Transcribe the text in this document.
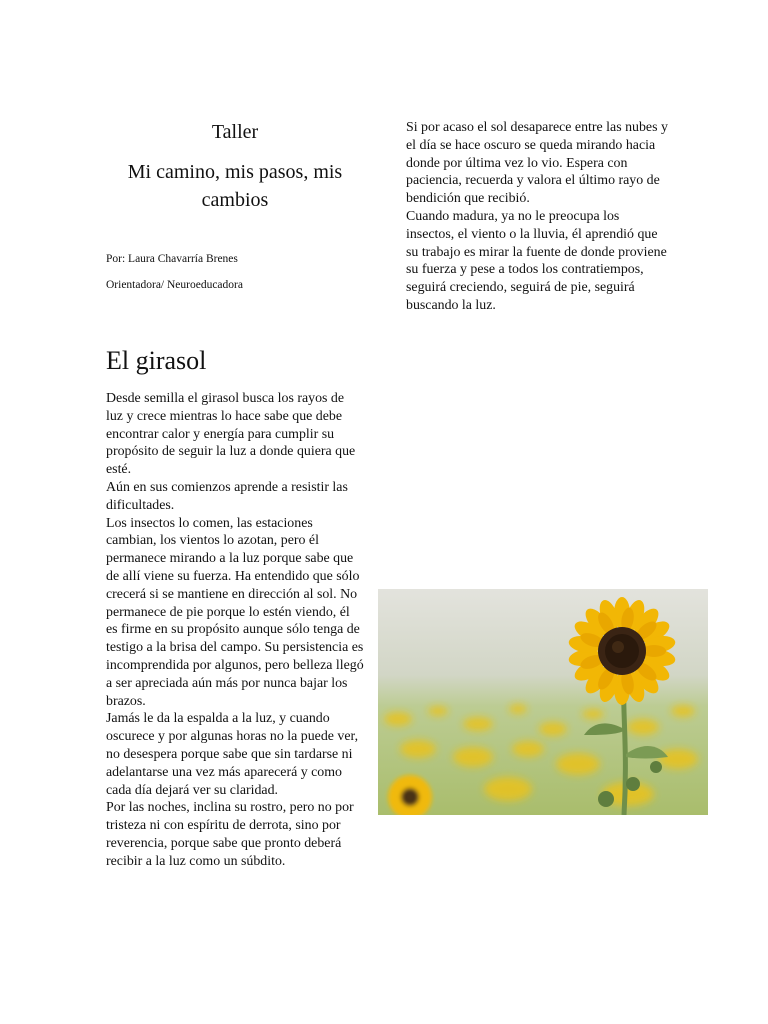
Taller
Mi camino, mis pasos, mis cambios
Por: Laura Chavarría Brenes
Orientadora/ Neuroeducadora
El girasol

Desde semilla el girasol busca los rayos de luz y crece mientras lo hace sabe que debe encontrar calor y energía para cumplir su propósito de seguir la luz a donde quiera que esté.

Aún en sus comienzos aprende a resistir las dificultades.

Los insectos lo comen, las estaciones cambian, los vientos lo azotan, pero él permanece mirando a la luz porque sabe que de allí viene su fuerza. Ha entendido que sólo crecerá si se mantiene en dirección al sol. No permanece de pie porque lo estén viendo, él es firme en su propósito aunque sólo tenga de testigo a la brisa del campo. Su persistencia es incomprendida por algunos, pero belleza llegó a ser apreciada aún más por nunca bajar los brazos.

Jamás le da la espalda a la luz, y cuando oscurece y por algunas horas no la puede ver, no desespera porque sabe que sin tardarse ni adelantarse una vez más aparecerá y como cada día dejará ver su claridad.

Por las noches, inclina su rostro, pero no por tristeza ni con espíritu de derrota, sino por reverencia, porque sabe que pronto deberá recibir a la luz como un súbdito.

Si por acaso el sol desaparece entre las nubes y el día se hace oscuro se queda mirando hacia donde por última vez lo vio. Espera con paciencia, recuerda y valora el último rayo de bendición que recibió.

Cuando madura, ya no le preocupa los insectos, el viento o la lluvia, él aprendió que su trabajo es mirar la fuente de donde proviene su fuerza y pese a todos los contratiempos, seguirá creciendo, seguirá de pie, seguirá buscando la luz.
